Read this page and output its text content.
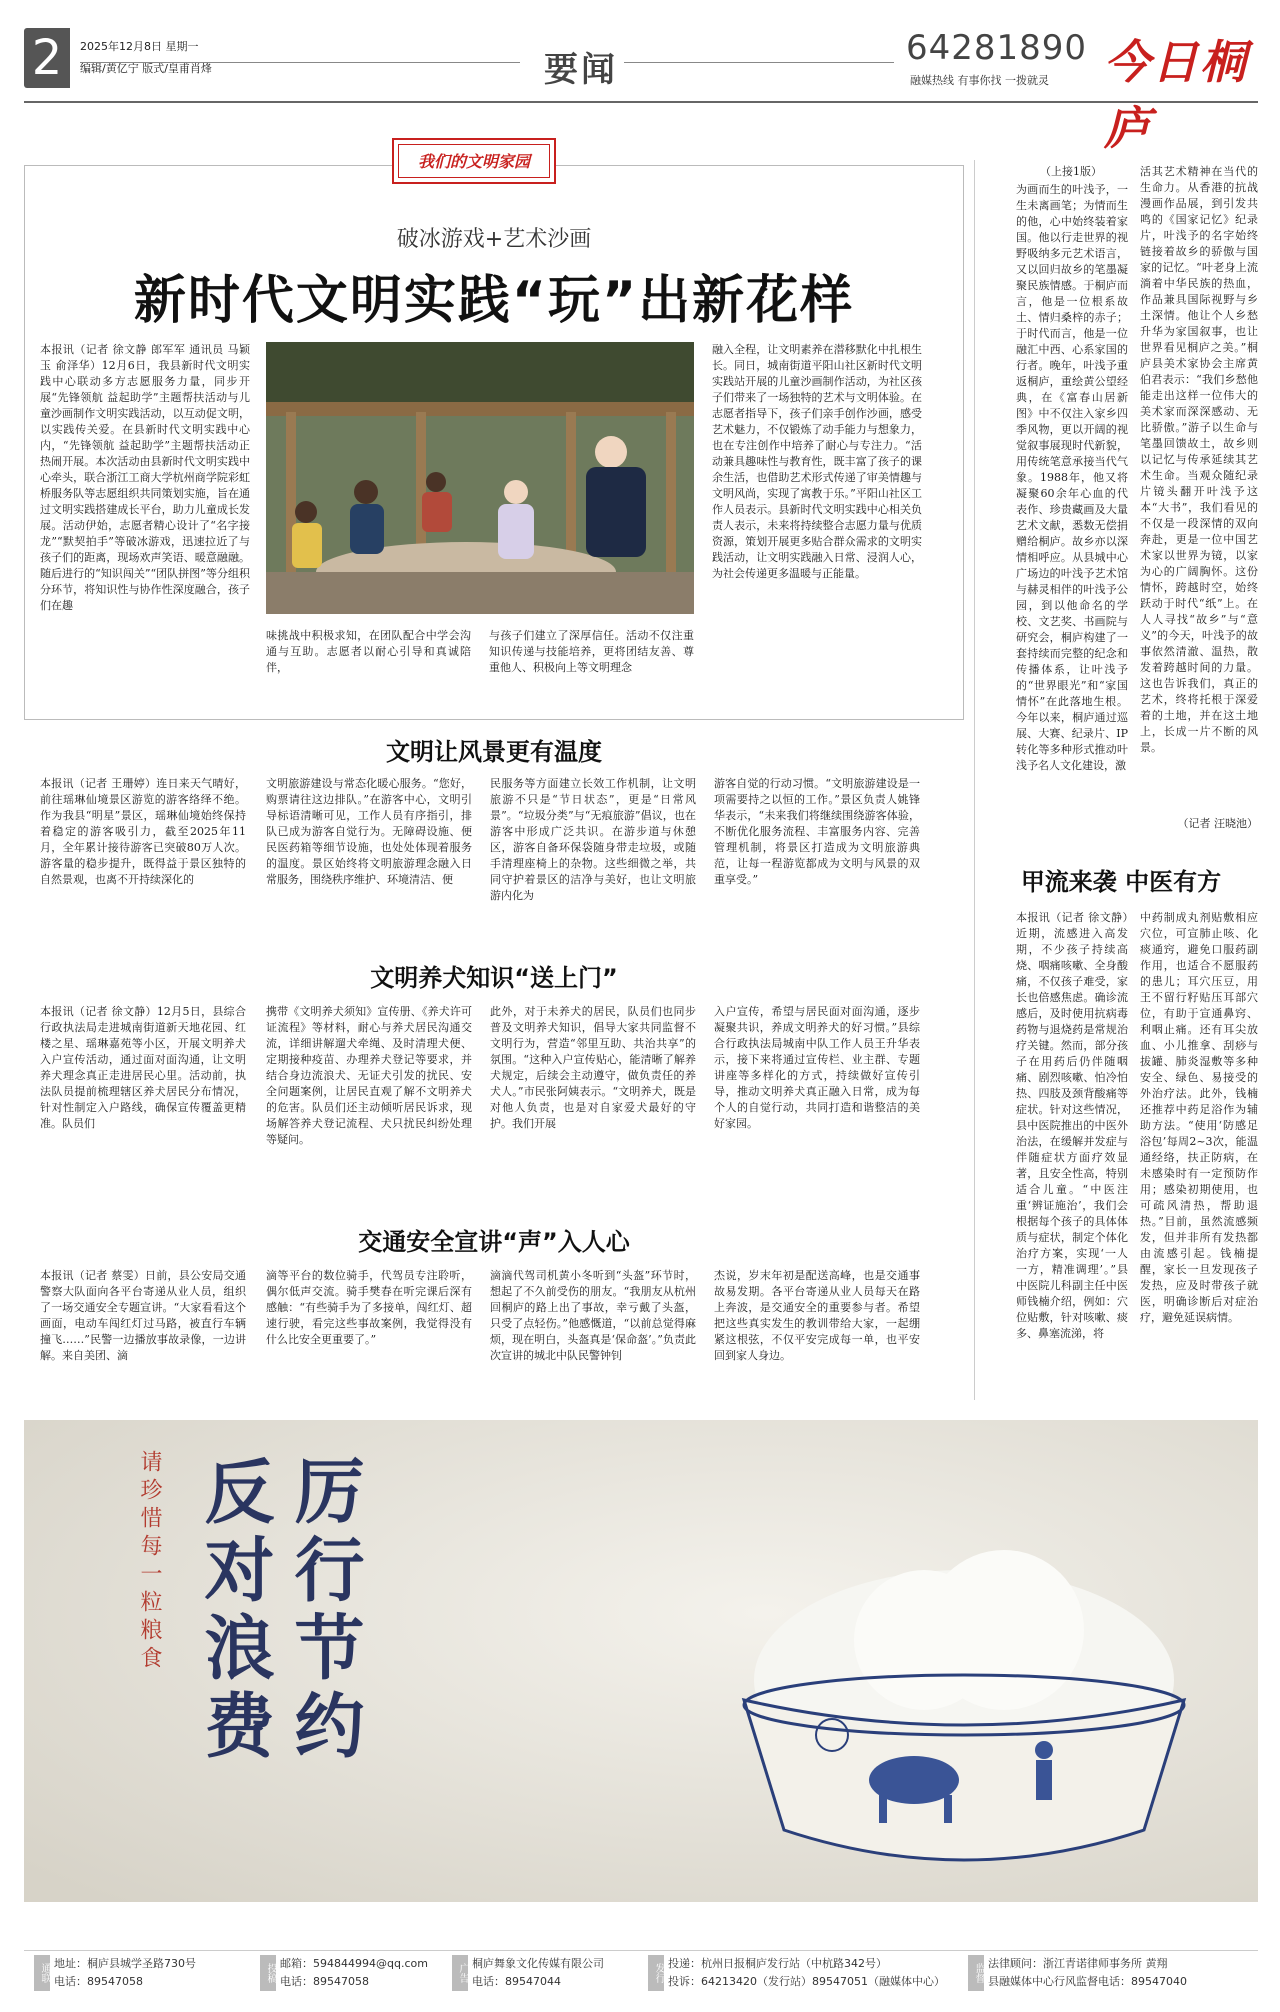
2	2025年12月8日 星期一
编辑/黄亿宁 版式/皇甫肖烽	要闻
64281890
融媒热线 有事你找 一拨就灵 今日桐庐
我们的文明家园
破冰游戏+艺术沙画
新时代文明实践“玩”出新花样
本报讯（记者 徐文静 郎军军 通讯员 马颖玉 俞泽华）12月6日，我县新时代文明实践中心联动多方志愿服务力量，同步开展“先锋领航 益起助学”主题帮扶活动与儿童沙画制作文明实践活动，以互动促文明，以实践传关爱。在县新时代文明实践中心内，“先锋领航 益起助学”主题帮扶活动正热闹开展。本次活动由县新时代文明实践中心牵头，联合浙江工商大学杭州商学院彩虹桥服务队等志愿组织共同策划实施，旨在通过文明实践搭建成长平台，助力儿童成长发展。活动伊始，志愿者精心设计了“名字接龙”“默契拍手”等破冰游戏，迅速拉近了与孩子们的距离，现场欢声笑语、暖意融融。随后进行的“知识闯关”“团队拼图”等分组积分环节，将知识性与协作性深度融合，孩子们在趣
味挑战中积极求知，在团队配合中学会沟通与互助。志愿者以耐心引导和真诚陪伴，
与孩子们建立了深厚信任。活动不仅注重知识传递与技能培养，更将团结友善、尊重他人、积极向上等文明理念
融入全程，让文明素养在潜移默化中扎根生长。同日，城南街道平阳山社区新时代文明实践站开展的儿童沙画制作活动，为社区孩子们带来了一场独特的艺术与文明体验。在志愿者指导下，孩子们亲手创作沙画，感受艺术魅力，不仅锻炼了动手能力与想象力，也在专注创作中培养了耐心与专注力。“活动兼具趣味性与教育性，既丰富了孩子的课余生活，也借助艺术形式传递了审美情趣与文明风尚，实现了寓教于乐。”平阳山社区工作人员表示。县新时代文明实践中心相关负责人表示，未来将持续整合志愿力量与优质资源，策划开展更多贴合群众需求的文明实践活动，让文明实践融入日常、浸润人心，为社会传递更多温暖与正能量。
文明让风景更有温度
本报讯（记者 王珊婷）连日来天气晴好，前往瑶琳仙境景区游览的游客络绎不绝。作为我县“明星”景区，瑶琳仙境始终保持着稳定的游客吸引力，截至2025年11月，全年累计接待游客已突破80万人次。游客量的稳步提升，既得益于景区独特的自然景观，也离不开持续深化的
文明旅游建设与常态化暖心服务。“您好，购票请往这边排队。”在游客中心，文明引导标语清晰可见，工作人员有序指引，排队已成为游客自觉行为。无障碍设施、便民医药箱等细节设施，也处处体现着服务的温度。景区始终将文明旅游理念融入日常服务，围绕秩序维护、环境清洁、便
民服务等方面建立长效工作机制，让文明旅游不只是“节日状态”，更是“日常风景”。“垃圾分类”与“无痕旅游”倡议，也在游客中形成广泛共识。在游步道与休憩区，游客自备环保袋随身带走垃圾，或随手清理座椅上的杂物。这些细微之举，共同守护着景区的洁净与美好，也让文明旅游内化为
游客自觉的行动习惯。“文明旅游建设是一项需要持之以恒的工作。”景区负责人姚锋华表示，“未来我们将继续围绕游客体验，不断优化服务流程、丰富服务内容、完善管理机制，将景区打造成为文明旅游典范，让每一程游览都成为文明与风景的双重享受。”
文明养犬知识“送上门”
本报讯（记者 徐文静）12月5日，县综合行政执法局走进城南街道新天地花园、红楼之星、瑶琳嘉苑等小区，开展文明养犬入户宣传活动，通过面对面沟通，让文明养犬理念真正走进居民心里。活动前，执法队员提前梳理辖区养犬居民分布情况，针对性制定入户路线，确保宣传覆盖更精准。队员们
携带《文明养犬须知》宣传册、《养犬许可证流程》等材料，耐心与养犬居民沟通交流，详细讲解遛犬牵绳、及时清理犬便、定期接种疫苗、办理养犬登记等要求，并结合身边流浪犬、无证犬引发的扰民、安全问题案例，让居民直观了解不文明养犬的危害。队员们还主动倾听居民诉求，现场解答养犬登记流程、犬只扰民纠纷处理等疑问。
此外，对于未养犬的居民，队员们也同步普及文明养犬知识，倡导大家共同监督不文明行为，营造“邻里互助、共治共享”的氛围。“这种入户宣传贴心，能清晰了解养犬规定，后续会主动遵守，做负责任的养犬人。”市民张阿姨表示。“文明养犬，既是对他人负责，也是对自家爱犬最好的守护。我们开展
入户宣传，希望与居民面对面沟通，逐步凝聚共识，养成文明养犬的好习惯。”县综合行政执法局城南中队工作人员王升华表示，接下来将通过宣传栏、业主群、专题讲座等多样化的方式，持续做好宣传引导，推动文明养犬真正融入日常，成为每个人的自觉行动，共同打造和谐整洁的美好家园。
交通安全宣讲“声”入人心
本报讯（记者 蔡雯）日前，县公安局交通警察大队面向各平台寄递从业人员，组织了一场交通安全专题宣讲。“大家看看这个画面，电动车闯红灯过马路，被直行车辆撞飞……”民警一边播放事故录像，一边讲解。来自美团、滴
滴等平台的数位骑手，代驾员专注聆听，偶尔低声交流。骑手樊春在听完课后深有感触：“有些骑手为了多接单，闯红灯、超速行驶，看完这些事故案例，我觉得没有什么比安全更重要了。”
滴滴代驾司机黄小冬听到“头盔”环节时，想起了不久前受伤的朋友。“我朋友从杭州回桐庐的路上出了事故，幸亏戴了头盔，只受了点轻伤。”他感慨道，“以前总觉得麻烦，现在明白，头盔真是‘保命盔’。”负责此次宣讲的城北中队民警钟钊
杰说，岁末年初是配送高峰，也是交通事故易发期。各平台寄递从业人员每天在路上奔波，是交通安全的重要参与者。希望把这些真实发生的教训带给大家，一起绷紧这根弦，不仅平安完成每一单，也平安回到家人身边。
（上接1版）
为画而生的叶浅予，一生未离画笔；为情而生的他，心中始终装着家国。他以行走世界的视野吸纳多元艺术语言，又以回归故乡的笔墨凝聚民族情感。于桐庐而言，他是一位根系故土、情归桑梓的赤子；于时代而言，他是一位融汇中西、心系家国的行者。晚年，叶浅予重返桐庐，重绘黄公望经典，在《富春山居新图》中不仅注入家乡四季风物，更以开阔的视觉叙事展现时代新貌，用传统笔意承接当代气象。1988年，他又将凝聚60余年心血的代表作、珍贵藏画及大量艺术文献，悉数无偿捐赠给桐庐。故乡亦以深情相呼应。从县城中心广场边的叶浅予艺术馆与赫灵相伴的叶浅予公园，到以他命名的学校、文艺奖、书画院与研究会，桐庐构建了一套持续而完整的纪念和传播体系，让叶浅予的“世界眼光”和“家国情怀”在此落地生根。今年以来，桐庐通过巡展、大赛、纪录片、IP转化等多种形式推动叶浅予名人文化建设，激
活其艺术精神在当代的生命力。从香港的抗战漫画作品展，到引发共鸣的《国家记忆》纪录片，叶浅予的名字始终链接着故乡的骄傲与国家的记忆。“叶老身上流淌着中华民族的热血，作品兼具国际视野与乡土深情。他让个人乡愁升华为家国叙事，也让世界看见桐庐之美。”桐庐县美术家协会主席黄伯君表示：“我们乡愁他能走出这样一位伟大的美术家而深深感动、无比骄傲。”游子以生命与笔墨回馈故土，故乡则以记忆与传承延续其艺术生命。当观众随纪录片镜头翻开叶浅予这本“大书”，我们看见的不仅是一段深情的双向奔赴，更是一位中国艺术家以世界为镜，以家为心的广阔胸怀。这份情怀，跨越时空，始终跃动于时代“纸”上。在人人寻找“故乡”与“意义”的今天，叶浅予的故事依然清澈、温热，散发着跨越时间的力量。这也告诉我们，真正的艺术，终将托根于深爱着的土地，并在这土地上，长成一片不断的风景。
（记者 汪晓池）
甲流来袭 中医有方
本报讯（记者 徐文静）近期，流感进入高发期，不少孩子持续高烧、咽痛咳嗽、全身酸痛，不仅孩子难受，家长也倍感焦虑。确诊流感后，及时使用抗病毒药物与退烧药是常规治疗关键。然而，部分孩子在用药后仍伴随咽痛、剧烈咳嗽、怕冷怕热、四肢及颈背酸痛等症状。针对这些情况，县中医院推出的中医外治法，在缓解并发症与伴随症状方面疗效显著，且安全性高，特别适合儿童。“中医注重‘辨证施治’，我们会根据每个孩子的具体体质与症状，制定个体化治疗方案，实现‘一人一方，精准调理’。”县中医院儿科副主任中医师钱楠介绍，例如：穴位贴敷，针对咳嗽、痰多、鼻塞流涕，将
中药制成丸剂贴敷相应穴位，可宣肺止咳、化痰通窍，避免口服药副作用，也适合不愿服药的患儿；耳穴压豆，用王不留行籽贴压耳部穴位，有助于宣通鼻窍、利咽止痛。还有耳尖放血、小儿推拿、刮痧与拔罐、肺炎湿敷等多种安全、绿色、易接受的外治疗法。此外，钱楠还推荐中药足浴作为辅助方法。“使用‘防感足浴包’每周2~3次，能温通经络，扶正防病，在未感染时有一定预防作用；感染初期使用，也可疏风清热，帮助退热。”目前，虽然流感频发，但并非所有发热都由流感引起。钱楠提醒，家长一旦发现孩子发热，应及时带孩子就医，明确诊断后对症治疗，避免延误病情。
厉行节约
反对浪费
请珍惜每一粒粮食
通联 地址：桐庐县城学圣路730号
电话：89547058	投稿 邮箱：594844994@qq.com
电话：89547058	广告 桐庐舞象文化传媒有限公司
电话：89547044	发行 投递：杭州日报桐庐发行站（中杭路342号）
投诉：64213420（发行站）89547051（融媒体中心）	监督 法律顾问：浙江青诺律师事务所 黄翔
县融媒体中心行风监督电话：89547040
